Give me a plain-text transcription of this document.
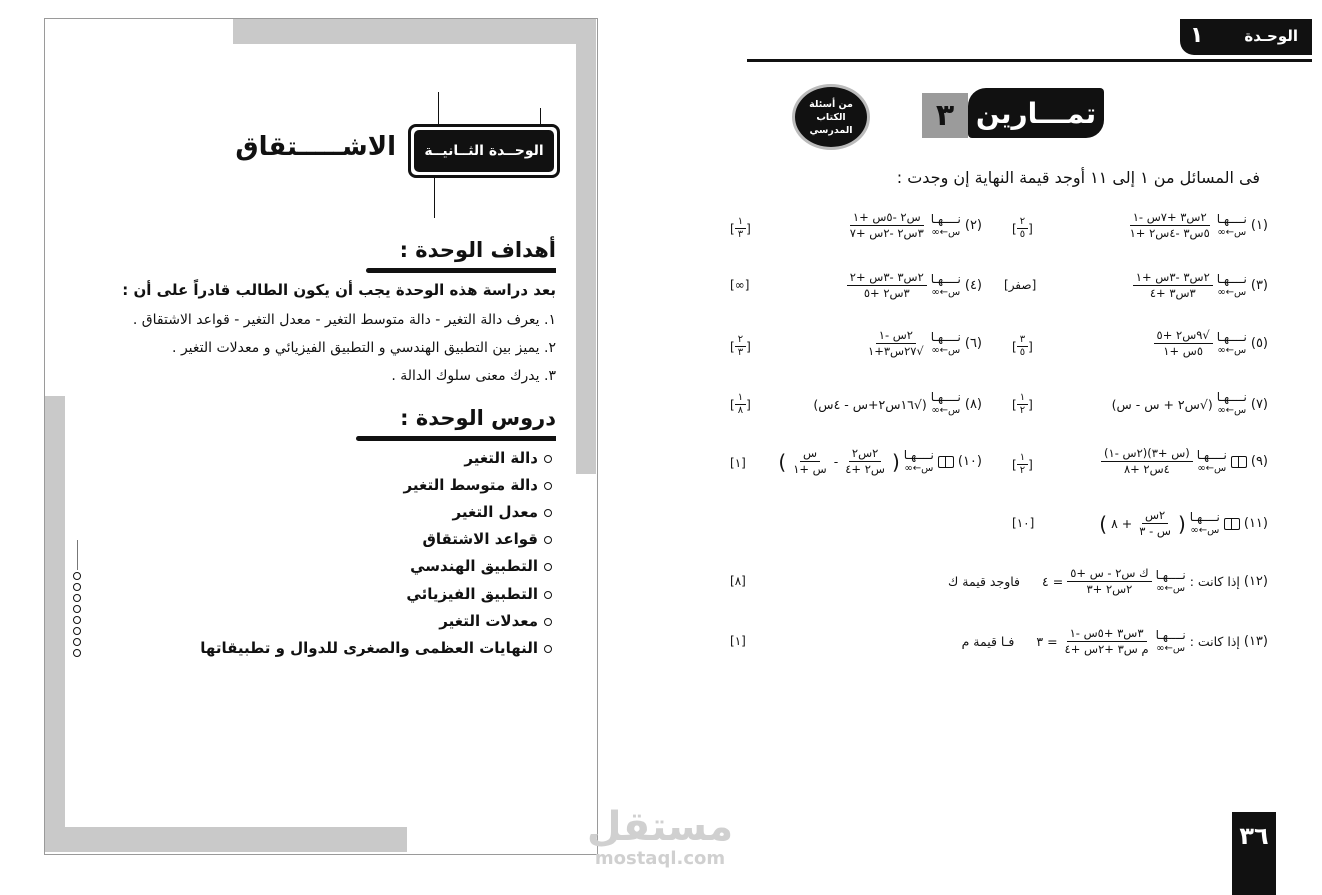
الوحــدة الثــانيــة
الاشـــــتقاق
أهداف الوحدة :
بعد دراسة هذه الوحدة يجب أن يكون الطالب قادراً على أن :
١. يعرف دالة التغير - دالة متوسط التغير - معدل التغير - قواعد الاشتقاق .
٢. يميز بين التطبيق الهندسي و التطبيق الفيزيائي و معدلات التغير .
٣. يدرك معنى سلوك الدالة .
دروس الوحدة :
دالة التغير
دالة متوسط التغير
معدل التغير
قواعد الاشتقاق
التطبيق الهندسي
التطبيق الفيزيائي
معدلات التغير
النهايات العظمى والصغرى للدوال و تطبيقاتها
الوحـدة
١
٣ تمـــارين
من أسئلة
الكتاب المدرسي
فى المسائل من ١ إلى ١١ أوجد قيمة النهاية إن وجدت :
(١)
نــــهـا
س←∞
$\frac{\text{٢س٣ +٧س -١}}{\text{٥س٣ -٤س٢ +١}}$
[
$\frac{٢}{٥}$
]
(٢)
نــــهـا
س←∞
$\frac{\text{س٢ -٥س +١}}{\text{٣س٢ -٢س +٧}}$
[
$\frac{١}{٣}$
]
(٣)
نــــهـا
س←∞
$\frac{\text{٢س٣ -٣س +١}}{\text{٣س٣ +٤}}$
[
صفر
]
(٤)
نــــهـا
س←∞
$\frac{\text{٢س٣ -٣س +٢}}{\text{٣س٢ +٥}}$
[
∞
]
(٥)
نــــهـا
س←∞
$\frac{\text{√٩س٢ +٥}}{\text{٥س +١}}$
[
$\frac{٣}{٥}$
]
(٦)
نــــهـا
س←∞
$\frac{\text{٢س -١}}{\text{√٢٧س٣+١}}$
[
$\frac{٢}{٣}$
]
(٧)
نــــهـا
س←∞
(√س٢ + س - س)
[
$\frac{١}{٢}$
]
(٨)
نــــهـا
س←∞
(√١٦س٢+س - ٤س)
[
$\frac{١}{٨}$
]
(٩)
نــــهـا
س←∞
$\frac{\text{(س +٣)(٢س -١)}}{\text{٤س٢ +٨}}$
[
$\frac{١}{٢}$
]
(١٠)
نــــهـا
س←∞
(
$\frac{\text{٢س٢}}{\text{س٢ +٤}}$
-
$\frac{\text{س}}{\text{س +١}}$
)
[
١
]
(١١)
نــــهـا
س←∞
(
$\frac{\text{٢س}}{\text{س - ٣}}$
+ ٨
)
[
١٠
]
(١٢)
إذا كانت :
نــــهـا
س←∞
$\frac{\text{ك س٢ - س +٥}}{\text{٢س٢ +٣}}$
= ٤
فاوجد قيمة ك
[
٨
]
(١٣)
إذا كانت :
نــــهـا
س←∞
$\frac{\text{٣س٣ +٥س -١}}{\text{م س٣ +٢س +٤}}$
= ٣
فـا قيمة م
[
١
]
٣٦
مستقل
mostaql.com
